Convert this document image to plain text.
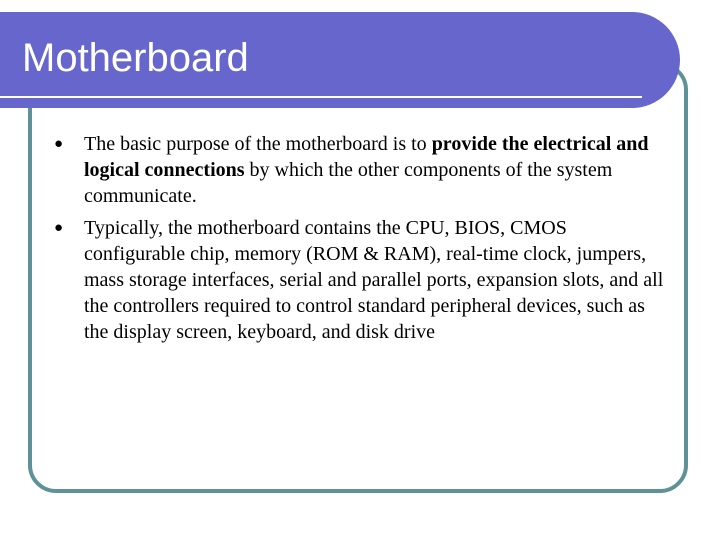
Motherboard
● The basic purpose of the motherboard is to provide the electrical and logical connections by which the other components of the system communicate.
● Typically, the motherboard contains the CPU, BIOS, CMOS configurable chip, memory (ROM & RAM), real-time clock, jumpers, mass storage interfaces, serial and parallel ports, expansion slots, and all the controllers required to control standard peripheral devices, such as the display screen, keyboard, and disk drive
